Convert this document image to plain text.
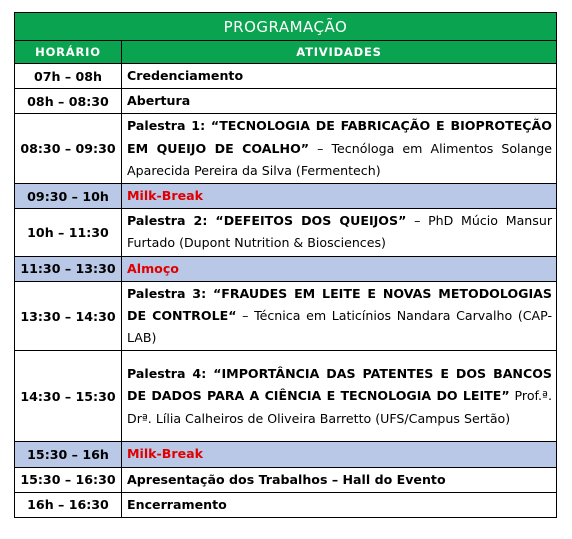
PROGRAMAÇÃO	
HORÁRIO	ATIVIDADES
07h – 08h	Credenciamento
08h – 08:30	Abertura
08:30 – 09:30	Palestra 1: “TECNOLOGIA DE FABRICAÇÃO E BIOPROTEÇÃO EM QUEIJO DE COALHO” – Tecnóloga em Alimentos Solange Aparecida Pereira da Silva (Fermentech)
09:30 – 10h	Milk-Break
10h – 11:30	Palestra 2: “DEFEITOS DOS QUEIJOS” – PhD Múcio Mansur Furtado (Dupont Nutrition & Biosciences)
11:30 – 13:30	Almoço
13:30 – 14:30	Palestra 3: “FRAUDES EM LEITE E NOVAS METODOLOGIAS DE CONTROLE“ – Técnica em Laticínios Nandara Carvalho (CAP-LAB)
14:30 – 15:30	Palestra 4: “IMPORTÂNCIA DAS PATENTES E DOS BANCOS DE DADOS PARA A CIÊNCIA E TECNOLOGIA DO LEITE” Prof.ª. Drª. Lília Calheiros de Oliveira Barretto (UFS/Campus Sertão)
15:30 – 16h	Milk-Break
15:30 – 16:30	Apresentação dos Trabalhos – Hall do Evento
16h – 16:30	Encerramento
